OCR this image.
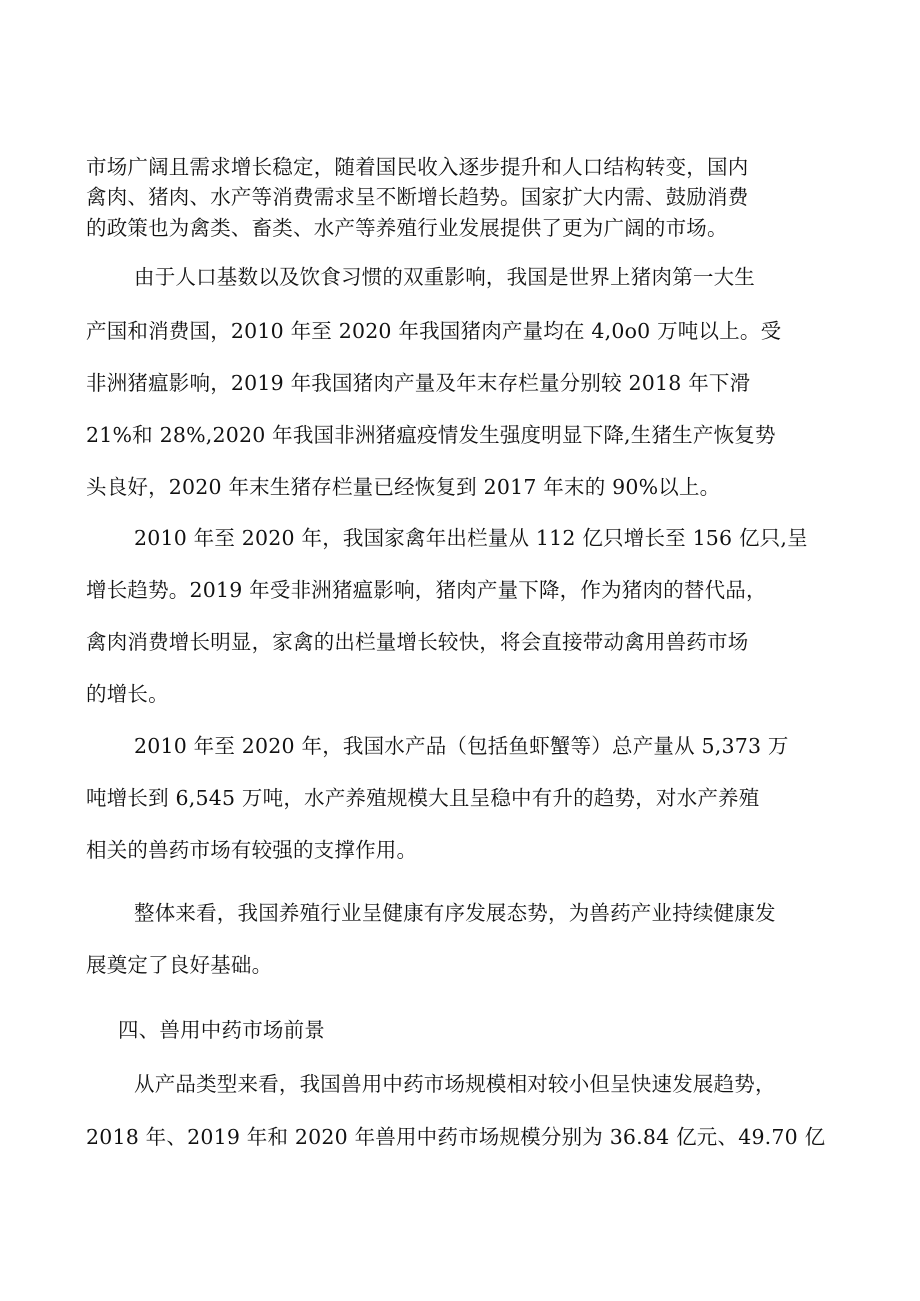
市场广阔且需求增长稳定，随着国民收入逐步提升和人口结构转变，国内
禽肉、猪肉、水产等消费需求呈不断增长趋势。国家扩大内需、鼓励消费
的政策也为禽类、畜类、水产等养殖行业发展提供了更为广阔的市场。
由于人口基数以及饮食习惯的双重影响，我国是世界上猪肉第一大生
产国和消费国，2010 年至 2020 年我国猪肉产量均在 4,0o0 万吨以上。受
非洲猪瘟影响，2019 年我国猪肉产量及年末存栏量分别较 2018 年下滑
21%和 28%,2020 年我国非洲猪瘟疫情发生强度明显下降,生猪生产恢复势
头良好，2020 年末生猪存栏量已经恢复到 2017 年末的 90%以上。
2010 年至 2020 年，我国家禽年出栏量从 112 亿只增长至 156 亿只,呈
增长趋势。2019 年受非洲猪瘟影响，猪肉产量下降，作为猪肉的替代品，
禽肉消费增长明显，家禽的出栏量增长较快，将会直接带动禽用兽药市场
的增长。
2010 年至 2020 年，我国水产品（包括鱼虾蟹等）总产量从 5,373 万
吨增长到 6,545 万吨，水产养殖规模大且呈稳中有升的趋势，对水产养殖
相关的兽药市场有较强的支撑作用。
整体来看，我国养殖行业呈健康有序发展态势，为兽药产业持续健康发
展奠定了良好基础。
四、兽用中药市场前景
从产品类型来看，我国兽用中药市场规模相对较小但呈快速发展趋势，
2018 年、2019 年和 2020 年兽用中药市场规模分别为 36.84 亿元、49.70 亿
